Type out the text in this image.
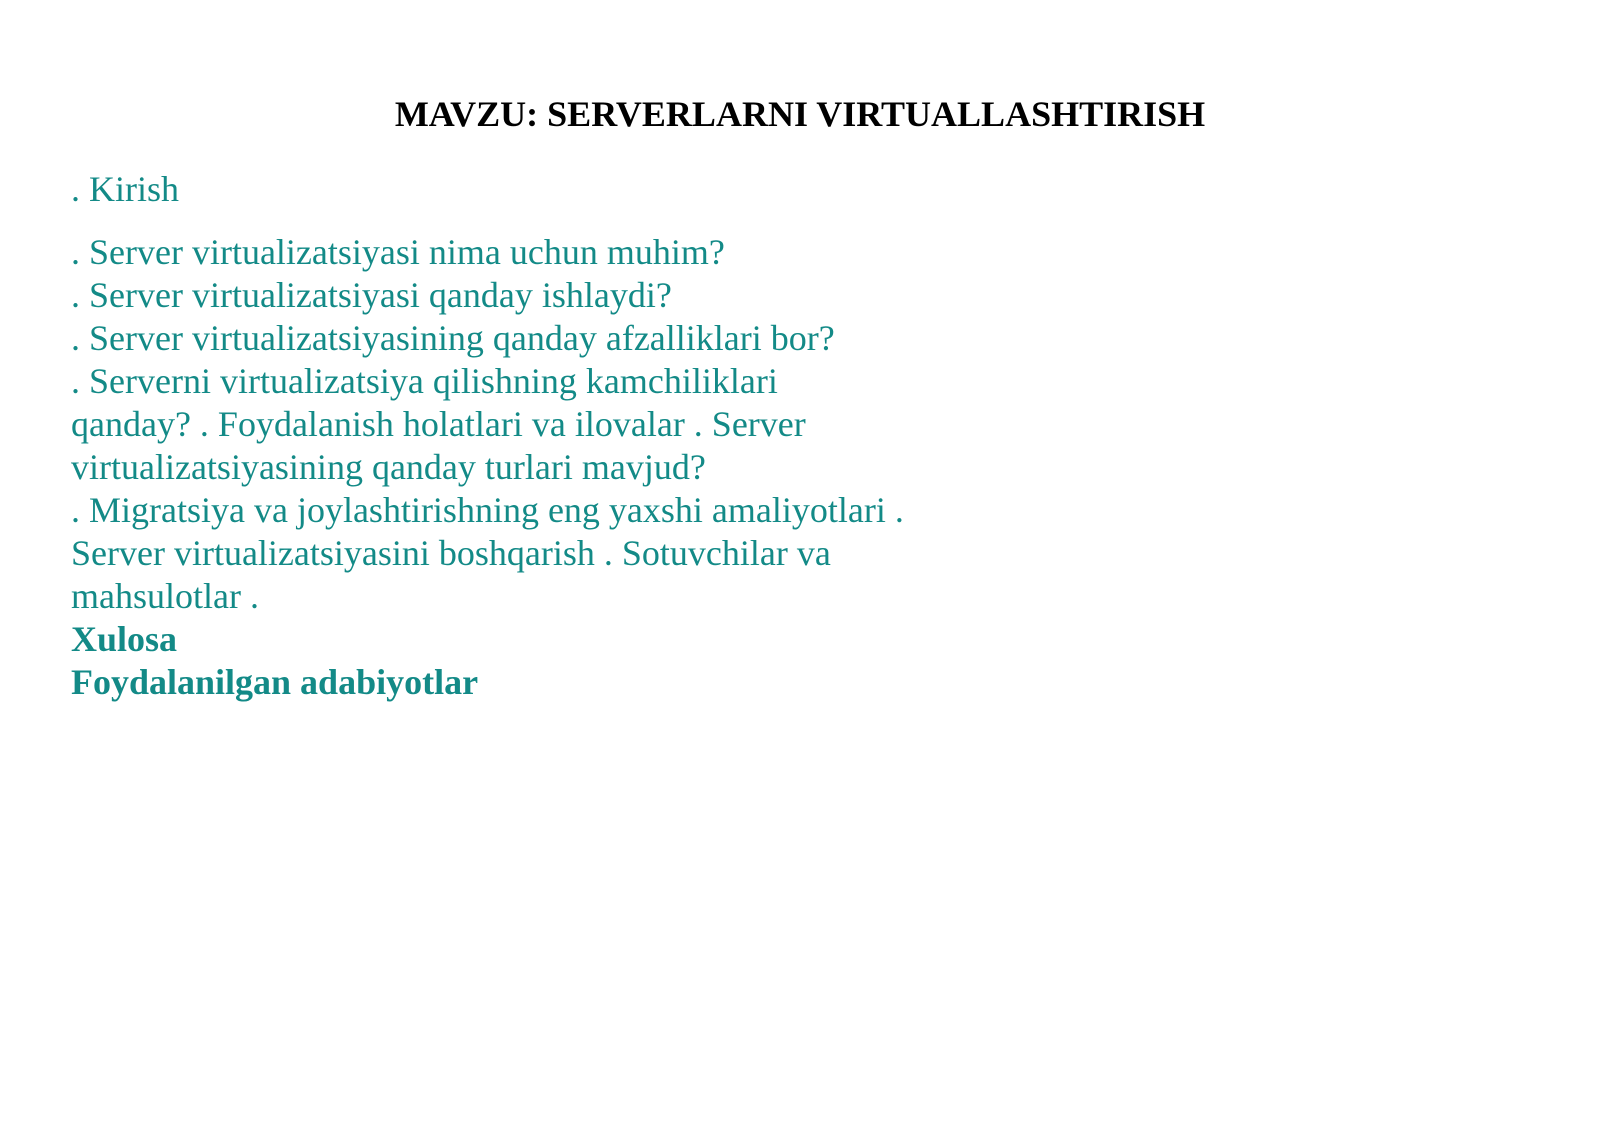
MAVZU: SERVERLARNI VIRTUALLASHTIRISH
. Kirish
. Server virtualizatsiyasi nima uchun muhim?
. Server virtualizatsiyasi qanday ishlaydi?
. Server virtualizatsiyasining qanday afzalliklari bor?
. Serverni virtualizatsiya qilishning kamchiliklari
qanday? . Foydalanish holatlari va ilovalar . Server
virtualizatsiyasining qanday turlari mavjud?
. Migratsiya va joylashtirishning eng yaxshi amaliyotlari .
Server virtualizatsiyasini boshqarish . Sotuvchilar va
mahsulotlar .
Xulosa
Foydalanilgan adabiyotlar
